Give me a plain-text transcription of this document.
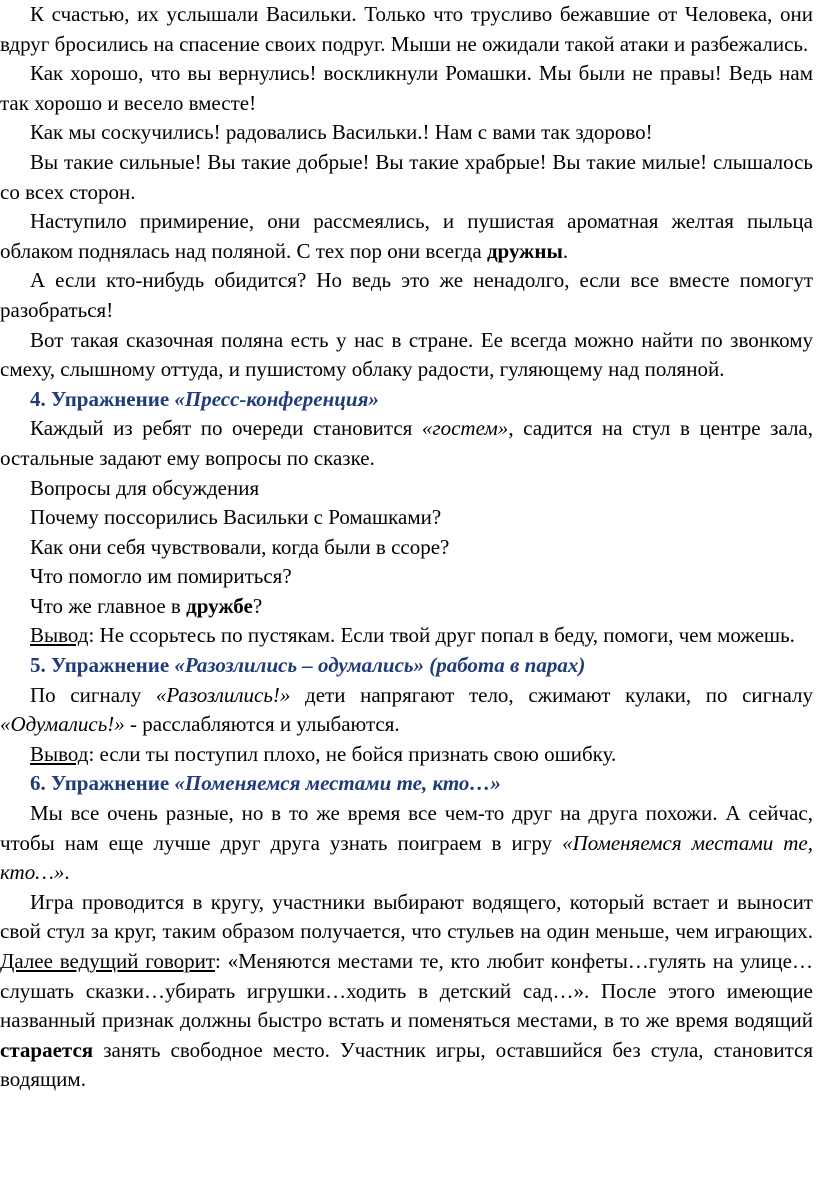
К счастью, их услышали Васильки. Только что трусливо бежавшие от Человека, они вдруг бросились на спасение своих подруг. Мыши не ожидали такой атаки и разбежались.

Как хорошо, что вы вернулись! воскликнули Ромашки. Мы были не правы! Ведь нам так хорошо и весело вместе!

Как мы соскучились! радовались Васильки.! Нам с вами так здорово!

Вы такие сильные! Вы такие добрые! Вы такие храбрые! Вы такие милые! слышалось со всех сторон.

Наступило примирение, они рассмеялись, и пушистая ароматная желтая пыльца облаком поднялась над поляной. С тех пор они всегда дружны.

А если кто-нибудь обидится? Но ведь это же ненадолго, если все вместе помогут разобраться!

Вот такая сказочная поляна есть у нас в стране. Ее всегда можно найти по звонкому смеху, слышному оттуда, и пушистому облаку радости, гуляющему над поляной.

4. Упражнение «Пресс-конференция»

Каждый из ребят по очереди становится «гостем», садится на стул в центре зала, остальные задают ему вопросы по сказке.

Вопросы для обсуждения

Почему поссорились Васильки с Ромашками?

Как они себя чувствовали, когда были в ссоре?

Что помогло им помириться?

Что же главное в дружбе?

Вывод: Не ссорьтесь по пустякам. Если твой друг попал в беду, помоги, чем можешь.

5. Упражнение «Разозлились – одумались» (работа в парах)

По сигналу «Разозлились!» дети напрягают тело, сжимают кулаки, по сигналу «Одумались!» - расслабляются и улыбаются.

Вывод: если ты поступил плохо, не бойся признать свою ошибку.

6. Упражнение «Поменяемся местами те, кто…»

Мы все очень разные, но в то же время все чем-то друг на друга похожи. А сейчас, чтобы нам еще лучше друг друга узнать поиграем в игру «Поменяемся местами те, кто…».

Игра проводится в кругу, участники выбирают водящего, который встает и выносит свой стул за круг, таким образом получается, что стульев на один меньше, чем играющих. Далее ведущий говорит: «Меняются местами те, кто любит конфеты…гулять на улице…слушать сказки…убирать игрушки…ходить в детский сад…». После этого имеющие названный признак должны быстро встать и поменяться местами, в то же время водящий старается занять свободное место. Участник игры, оставшийся без стула, становится водящим.
